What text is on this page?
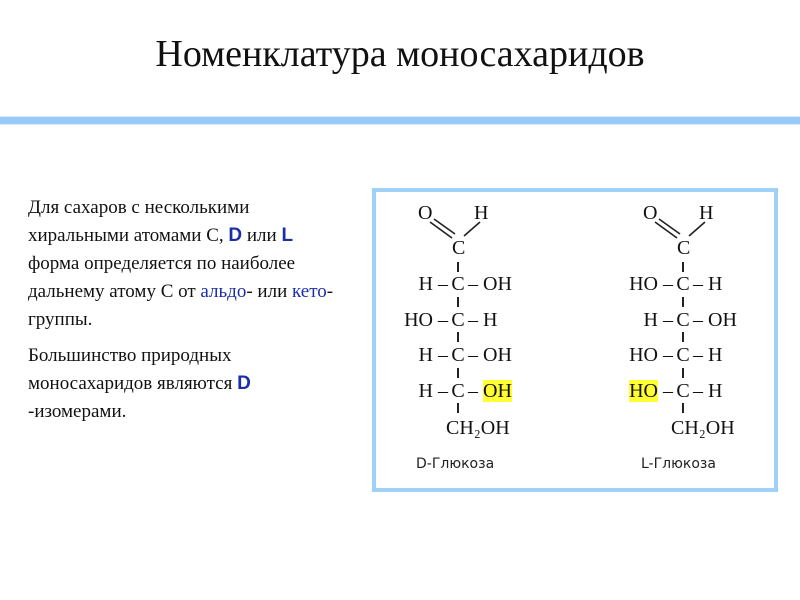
Номенклатура моносахаридов

Для сахаров с несколькими хиральными атомами С, D или L форма определяется по наиболее дальнему атому С от альдо- или кето-группы.

Большинство природных моносахаридов являются D -изомерами.

O H
C
H – C – OH
HO – C – H
H – C – OH
H – C – OH
CH₂OH
D-Глюкоза
O H
C
HO – C – H
H – C – OH
HO – C – H
HO – C – H
CH₂OH
L-Глюкоза
